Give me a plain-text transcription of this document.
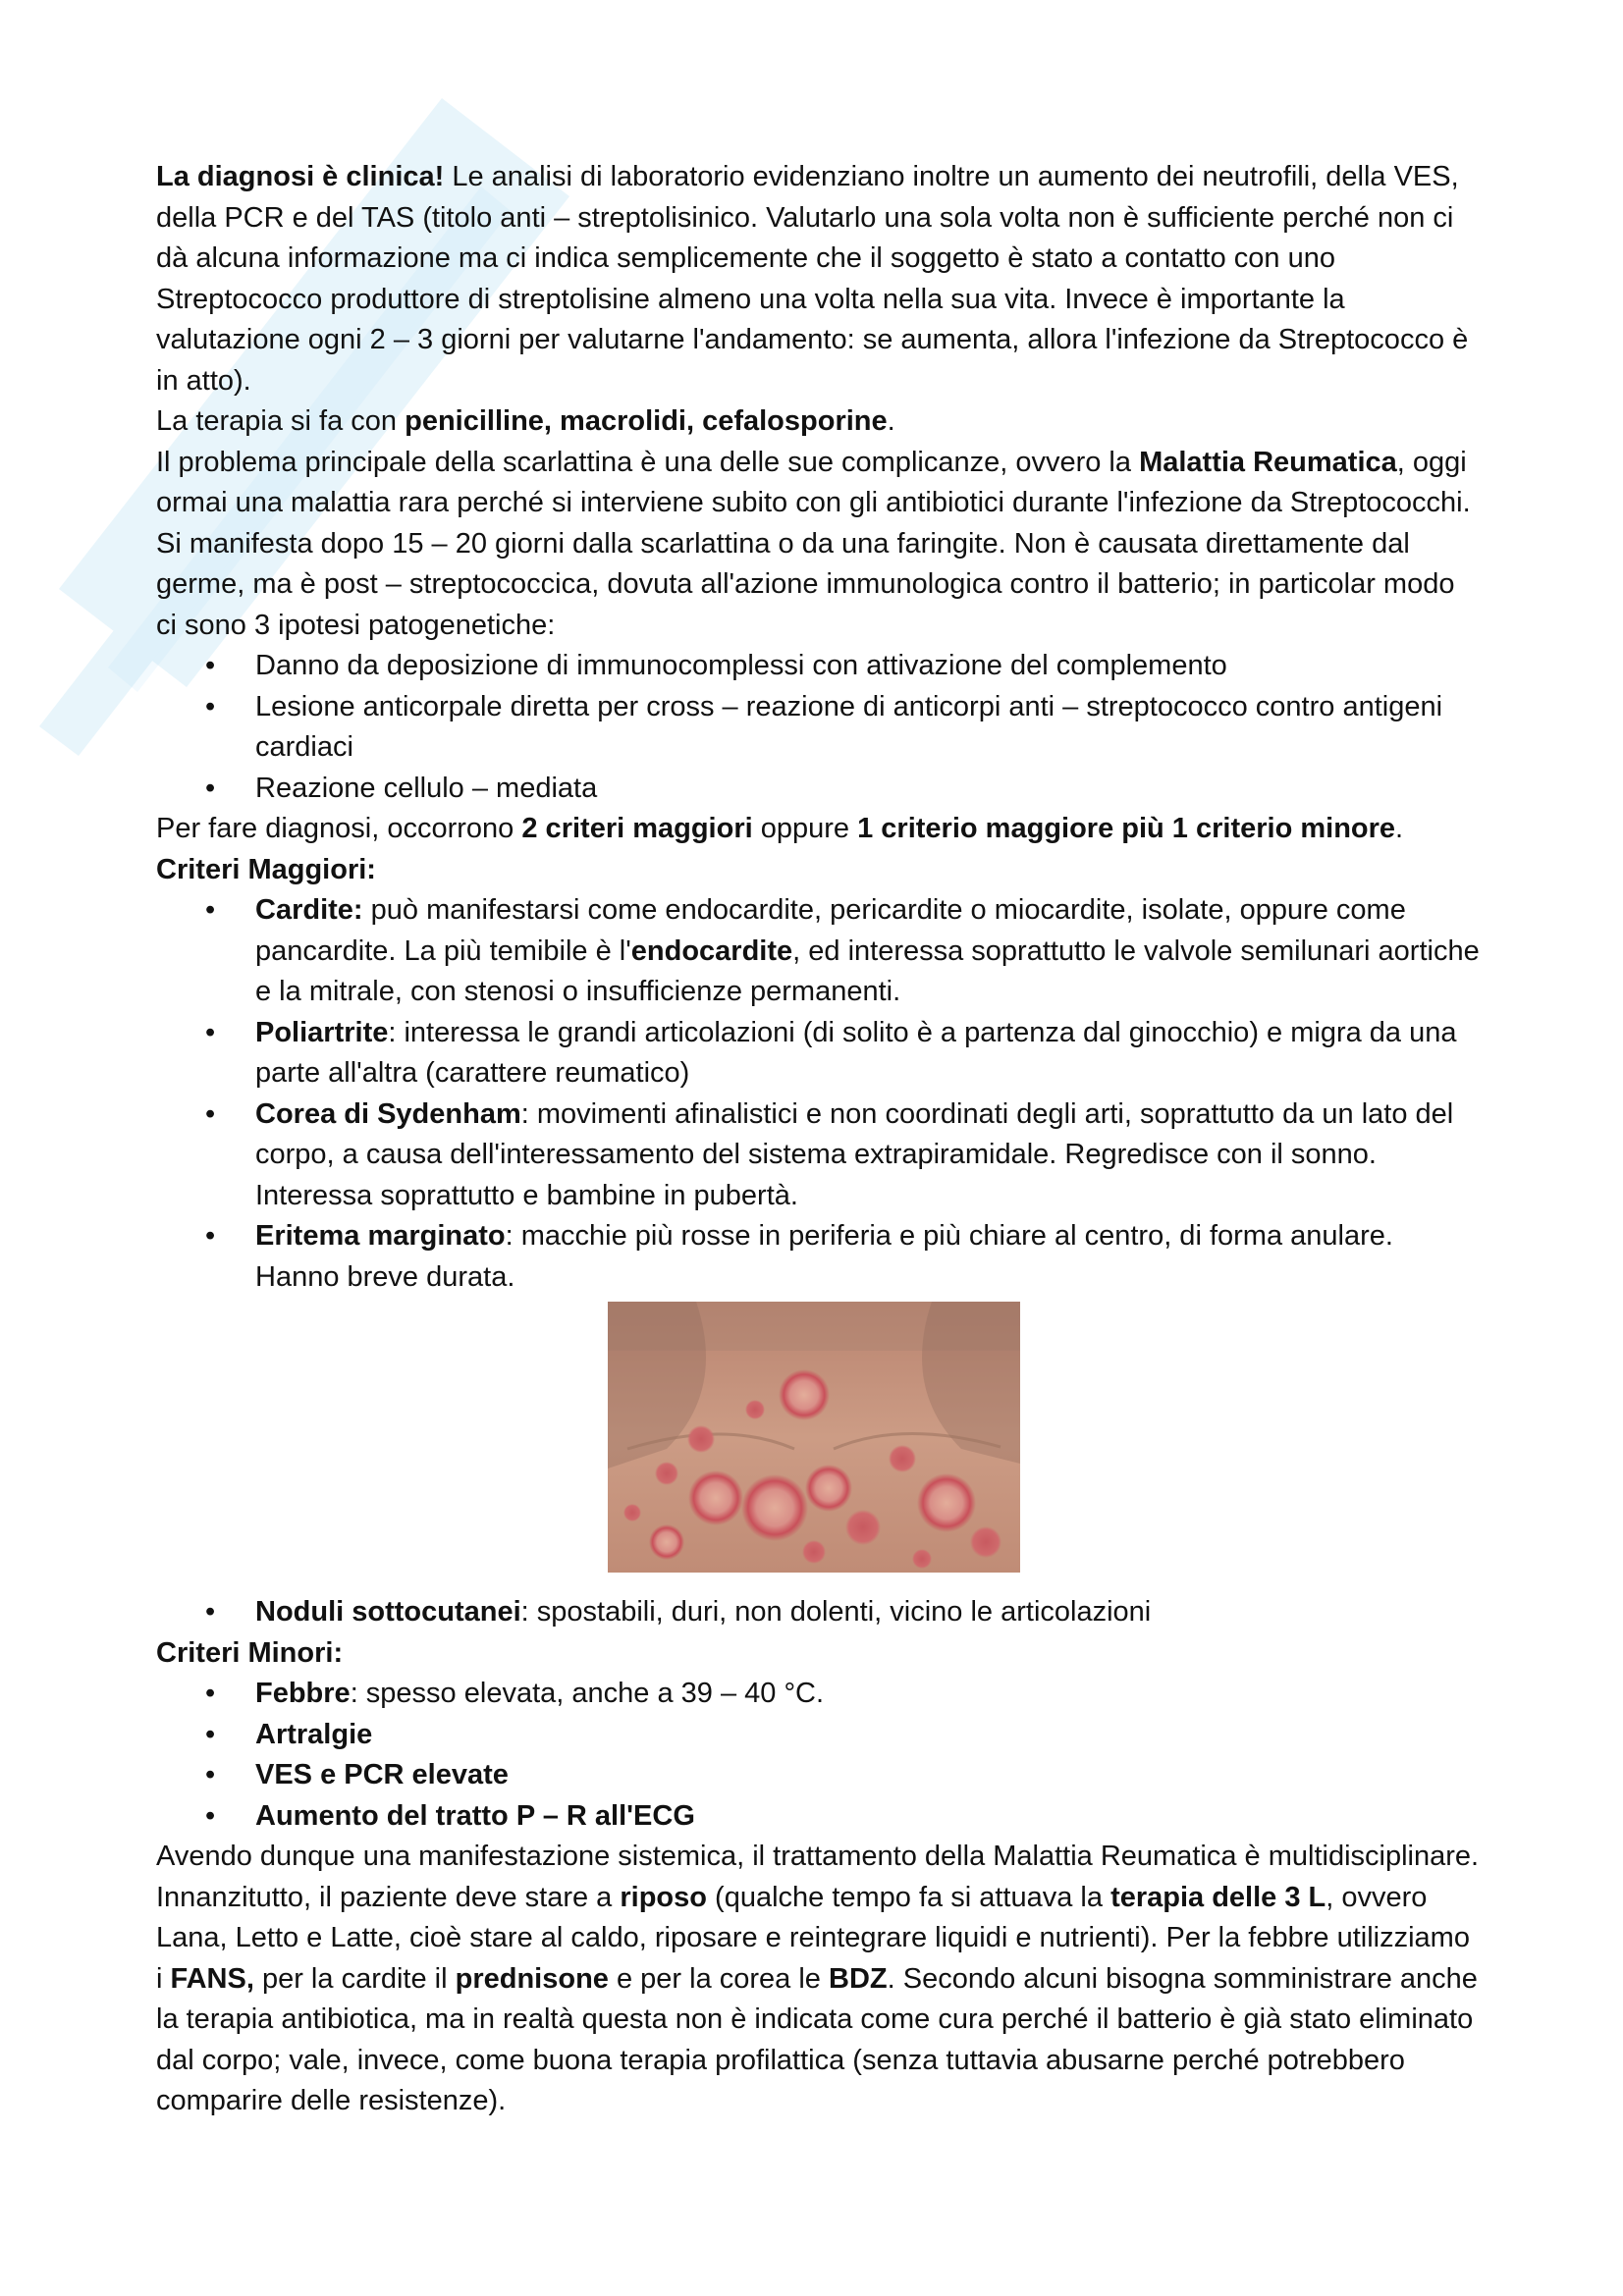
La diagnosi è clinica! Le analisi di laboratorio evidenziano inoltre un aumento dei neutrofili, della VES, della PCR e del TAS (titolo anti – streptolisinico. Valutarlo una sola volta non è sufficiente perché non ci dà alcuna informazione ma ci indica semplicemente che il soggetto è stato a contatto con uno Streptococco produttore di streptolisine almeno una volta nella sua vita. Invece è importante la valutazione ogni 2 – 3 giorni per valutarne l'andamento: se aumenta, allora l'infezione da Streptococco è in atto).

La terapia si fa con penicilline, macrolidi, cefalosporine.

Il problema principale della scarlattina è una delle sue complicanze, ovvero la Malattia Reumatica, oggi ormai una malattia rara perché si interviene subito con gli antibiotici durante l'infezione da Streptococchi. Si manifesta dopo 15 – 20 giorni dalla scarlattina o da una faringite. Non è causata direttamente dal germe, ma è post – streptococcica, dovuta all'azione immunologica contro il batterio; in particolar modo ci sono 3 ipotesi patogenetiche:

• Danno da deposizione di immunocomplessi con attivazione del complemento
• Lesione anticorpale diretta per cross – reazione di anticorpi anti – streptococco contro antigeni cardiaci
• Reazione cellulo – mediata

Per fare diagnosi, occorrono 2 criteri maggiori oppure 1 criterio maggiore più 1 criterio minore.

Criteri Maggiori:

• Cardite: può manifestarsi come endocardite, pericardite o miocardite, isolate, oppure come pancardite. La più temibile è l'endocardite, ed interessa soprattutto le valvole semilunari aortiche e la mitrale, con stenosi o insufficienze permanenti.
• Poliartrite: interessa le grandi articolazioni (di solito è a partenza dal ginocchio) e migra da una parte all'altra (carattere reumatico)
• Corea di Sydenham: movimenti afinalistici e non coordinati degli arti, soprattutto da un lato del corpo, a causa dell'interessamento del sistema extrapiramidale. Regredisce con il sonno. Interessa soprattutto e bambine in pubertà.
• Eritema marginato: macchie più rosse in periferia e più chiare al centro, di forma anulare. Hanno breve durata.
• Noduli sottocutanei: spostabili, duri, non dolenti, vicino le articolazioni

Criteri Minori:

• Febbre: spesso elevata, anche a 39 – 40 °C.
• Artralgie
• VES e PCR elevate
• Aumento del tratto P – R all'ECG

Avendo dunque una manifestazione sistemica, il trattamento della Malattia Reumatica è multidisciplinare. Innanzitutto, il paziente deve stare a riposo (qualche tempo fa si attuava la terapia delle 3 L, ovvero Lana, Letto e Latte, cioè stare al caldo, riposare e reintegrare liquidi e nutrienti). Per la febbre utilizziamo i FANS, per la cardite il prednisone e per la corea le BDZ. Secondo alcuni bisogna somministrare anche la terapia antibiotica, ma in realtà questa non è indicata come cura perché il batterio è già stato eliminato dal corpo; vale, invece, come buona terapia profilattica (senza tuttavia abusarne perché potrebbero comparire delle resistenze).
